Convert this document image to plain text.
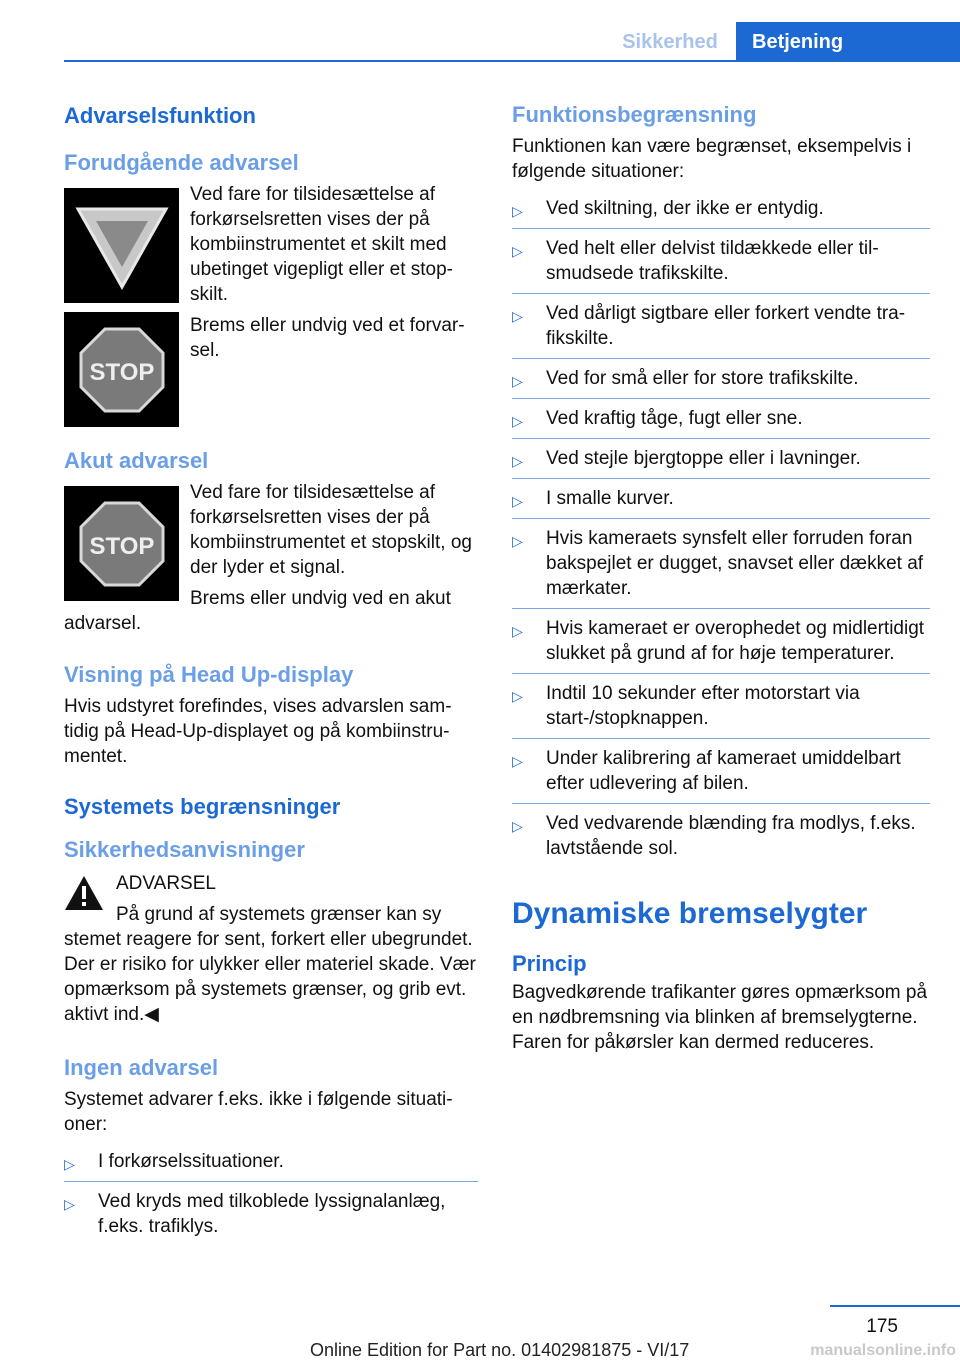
Sikkerhed	Betjening
Advarselsfunktion
Forudgående advarsel
STOP

Ved fare for tilsidesættelse af forkørselsretten vises der på kombiinstrumentet et skilt med ubetinget vigepligt eller et stopskilt.

Brems eller undvig ved et forvarsel.

Akut advarsel
STOP

Ved fare for tilsidesættelse af forkørselsretten vises der på kombiinstrumentet et stopskilt, og der lyder et signal.

Brems eller undvig ved en akut

advarsel.

Visning på Head Up-display

Hvis udstyret forefindes, vises advarslen samtidig på Head-Up-displayet og på kombiinstrumentet.

Systemets begrænsninger
Sikkerhedsanvisninger

ADVARSEL

På grund af systemets grænser kan sy

stemet reagere for sent, forkert eller ubegrundet. Der er risiko for ulykker eller materiel skade. Vær opmærksom på systemets grænser, og grib evt. aktivt ind.◀

Ingen advarsel

Systemet advarer f.eks. ikke i følgende situationer:

▷ I forkørselssituationer.
▷ Ved kryds med tilkoblede lyssignalanlæg, f.eks. trafiklys.
Funktionsbegrænsning

Funktionen kan være begrænset, eksempelvis i følgende situationer:

▷ Ved skiltning, der ikke er entydig.
▷ Ved helt eller delvist tildækkede eller tilsmudsede trafikskilte.
▷ Ved dårligt sigtbare eller forkert vendte trafikskilte.
▷ Ved for små eller for store trafikskilte.
▷ Ved kraftig tåge, fugt eller sne.
▷ Ved stejle bjergtoppe eller i lavninger.
▷ I smalle kurver.
▷ Hvis kameraets synsfelt eller forruden foran bakspejlet er dugget, snavset eller dækket af mærkater.
▷ Hvis kameraet er overophedet og midlertidigt slukket på grund af for høje temperaturer.
▷ Indtil 10 sekunder efter motorstart via start-/stopknappen.
▷ Under kalibrering af kameraet umiddelbart efter udlevering af bilen.
▷ Ved vedvarende blænding fra modlys, f.eks. lavtstående sol.
Dynamiske bremselygter
Princip

Bagvedkørende trafikanter gøres opmærksom på en nødbremsning via blinken af bremselygterne. Faren for påkørsler kan dermed reduceres.

175
Online Edition for Part no. 01402981875 - VI/17	manualsonline.info
